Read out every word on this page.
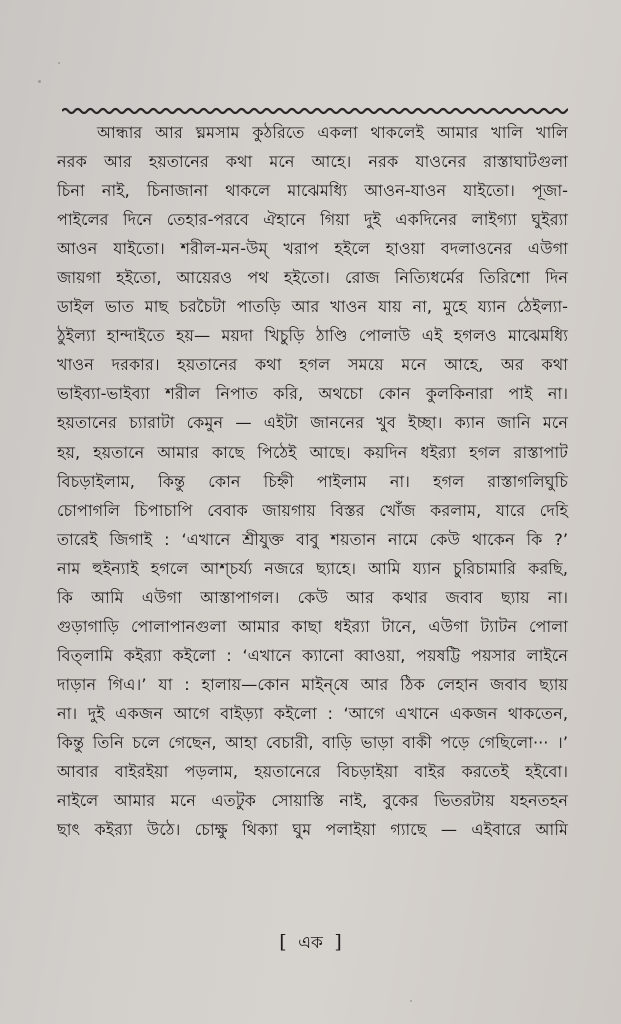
আন্ধার আর ঘ্নমসাম কুঠরিতে একলা থাকলেই আমার খালি খালি
নরক আর হয়তানের কথা মনে আহে। নরক যাওনের রাস্তাঘাটগুলা
চিনা নাই, চিনাজানা থাকলে মাঝেমধ্যি আওন-যাওন যাইতো। পূজা-
পাইলের দিনে তেহার-পরবে ঐহানে গিয়া দুই একদিনের লাইগ্যা ঘুইর‍্যা
আওন যাইতো। শরীল-মন-উম্ খরাপ হইলে হাওয়া বদলাওনের এউগা
জায়গা হইতো, আয়েরও পথ হইতো। রোজ নিত্যিধর্মের তিরিশো দিন
ডাইল ভাত মাছ চরচৈটা পাতড়ি আর খাওন যায় না, মুহে য্যান ঠেইল্যা-
ঠুইল্যা হান্দাইতে হয়— ময়দা খিচুড়ি ঠাণ্ডি পোলাউ এই হগলও মাঝেমধ্যি
খাওন দরকার। হয়তানের কথা হগল সময়ে মনে আহে, অর কথা
ভাইব্যা-ভাইব্যা শরীল নিপাত করি, অথচো কোন কুলকিনারা পাই না।
হয়তানের চ্যারাটা কেমুন — এইটা জাননের খুব ইচ্ছা। ক্যান জানি মনে
হয়, হয়তানে আমার কাছে পিঠেই আছে। কয়দিন ধইর‍্যা হগল রাস্তাপাট
বিচড়াইলাম, কিন্তু কোন চিহ্নী পাইলাম না। হগল রাস্তাগলিঘুচি
চোপাগলি চিপাচাপি বেবাক জায়গায় বিস্তর খোঁজ করলাম, যারে দেহি
তারেই জিগাই : ‘এখানে শ্রীযুক্ত বাবু শয়তান নামে কেউ থাকেন কি ?’
নাম হুইন্যাই হগলে আশ্‌চর্য্য নজরে ছ্যাহে। আমি য্যান চুরিচামারি করছি,
কি আমি এউগা আস্তাপাগল। কেউ আর কথার জবাব ছ্যায় না।
গুড়াগাড়ি পোলাপানগুলা আমার কাছা ধইর‍্যা টানে, এউগা ট্যাটন পোলা
বিত্‌লামি কইর‍্যা কইলো : ‘এখানে ক্যানো ব্বাওয়া, পয়ষট্টি পয়সার লাইনে
দাড়ান গিএ।’ যা : হালায়—কোন মাইন্‌ষে আর ঠিক লেহান জবাব ছ্যায়
না। দুই একজন আগে বাইড়্যা কইলো : ‘আগে এখানে একজন থাকতেন,
কিন্তু তিনি চলে গেছেন, আহা বেচারী, বাড়ি ভাড়া বাকী পড়ে গেছিলো··· ।’
আবার বাইরইয়া পড়লাম, হয়তানেরে বিচড়াইয়া বাইর করতেই হইবো।
নাইলে আমার মনে এতটুক সোয়াস্তি নাই, বুকের ভিতরটায় যহনতহন
ছাৎ কইর‍্যা উঠে। চোক্ষু থিক্যা ঘুম পলাইয়া গ্যাছে — এইবারে আমি
[ এক ]
